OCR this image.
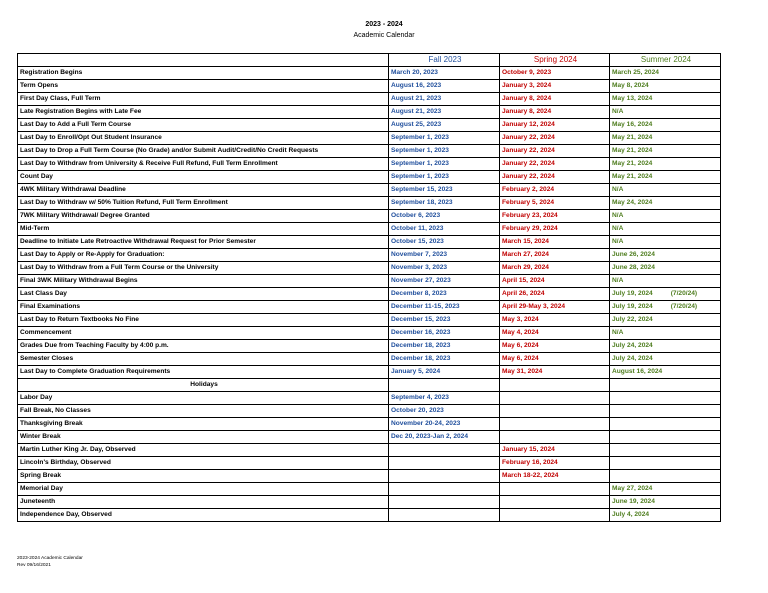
2023 - 2024
Academic Calendar
	Fall 2023	Spring 2024	Summer 2024
Registration Begins	March 20, 2023	October 9, 2023	March 25, 2024
Term Opens	August 16, 2023	January 3, 2024	May 8, 2024
First Day Class, Full Term	August 21, 2023	January 8, 2024	May 13, 2024
Late Registration Begins with Late Fee	August 21, 2023	January 8, 2024	N/A
Last Day to Add a Full Term Course	August 25, 2023	January 12, 2024	May 16, 2024
Last Day to Enroll/Opt Out Student Insurance	September 1, 2023	January 22, 2024	May 21, 2024
Last Day to Drop a Full Term Course (No Grade) and/or Submit Audit/Credit/No Credit Requests	September 1, 2023	January 22, 2024	May 21, 2024
Last Day to Withdraw from University & Receive Full Refund, Full Term Enrollment	September 1, 2023	January 22, 2024	May 21, 2024
Count Day	September 1, 2023	January 22, 2024	May 21, 2024
4WK Military Withdrawal Deadline	September 15, 2023	February 2, 2024	N/A
Last Day to Withdraw w/ 50% Tuition Refund, Full Term Enrollment	September 18, 2023	February 5, 2024	May 24, 2024
7WK Military Withdrawal/ Degree Granted	October 6, 2023	February 23, 2024	N/A
Mid-Term	October 11, 2023	February 29, 2024	N/A
Deadline to Initiate Late Retroactive Withdrawal Request for Prior Semester	October 15, 2023	March 15, 2024	N/A
Last Day to Apply or Re-Apply for Graduation:	November 7, 2023	March 27, 2024	June 26, 2024
Last Day to Withdraw from a Full Term Course or the University	November 3, 2023	March 29, 2024	June 28, 2024
Final 3WK Military Withdrawal Begins	November 27, 2023	April 15, 2024	N/A
Last Class Day	December 8, 2023	April 26, 2024	July 19, 2024 (7/20/24)
Final Examinations	December 11-15, 2023	April 29-May 3, 2024	July 19, 2024 (7/20/24)
Last Day to Return Textbooks No Fine	December 15, 2023	May 3, 2024	July 22, 2024
Commencement	December 16, 2023	May 4, 2024	N/A
Grades Due from Teaching Faculty by 4:00 p.m.	December 18, 2023	May 6, 2024	July 24, 2024
Semester Closes	December 18, 2023	May 6, 2024	July 24, 2024
Last Day to Complete Graduation Requirements	January 5, 2024	May 31, 2024	August 16, 2024
Holidays			
Labor Day	September 4, 2023		
Fall Break, No Classes	October 20, 2023		
Thanksgiving Break	November 20-24, 2023		
Winter Break	Dec 20, 2023-Jan 2, 2024		
Martin Luther King Jr. Day, Observed		January 15, 2024	
Lincoln's Birthday, Observed		February 16, 2024	
Spring Break		March 18-22, 2024	
Memorial Day			May 27, 2024
Juneteenth			June 19, 2024
Independence Day, Observed			July 4, 2024
2023-2024 Academic Calendar
Rev 09/16/2021
